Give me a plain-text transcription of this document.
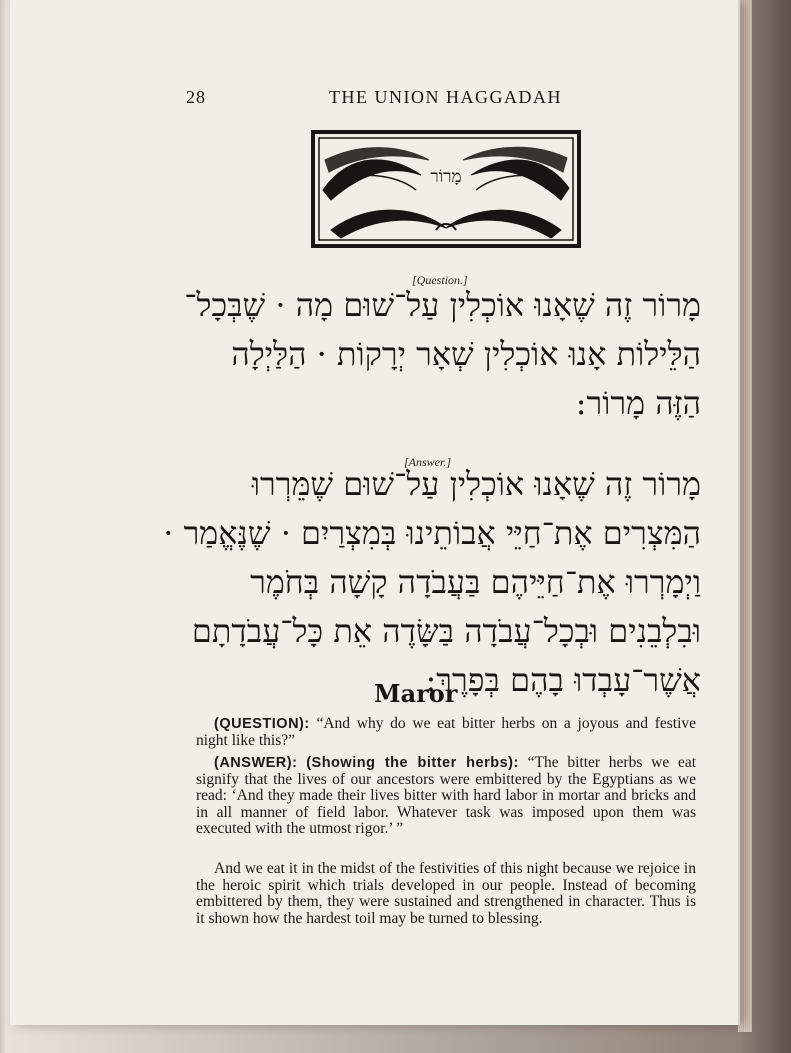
28	THE UNION HAGGADAH
מָרוֹר
[Question.]
מָרוֹר זֶה שֶׁאָנוּ אוֹכְלִין עַל־שׁוּם מָה · שֶׁבְּכָל־
הַלֵּילוֹת אָנוּ אוֹכְלִין שְׁאָר יְרָקוֹת · הַלַּיְלָה
הַזֶּה מָרוֹר:
[Answer.]
מָרוֹר זֶה שֶׁאָנוּ אוֹכְלִין עַל־שׁוּם שֶׁמֵּרְרוּ
הַמִּצְרִים אֶת־חַיֵּי אֲבוֹתֵינוּ בְּמִצְרַיִם · שֶׁנֶּאֱמַר ·
וַיְמָרְרוּ אֶת־חַיֵּיהֶם בַּעֲבֹדָה קָשָׁה בְּחֹמֶר
וּבִלְבֵנִים וּבְכָל־עֲבֹדָה בַּשָּׂדֶה אֵת כָּל־עֲבֹדָתָם
אֲשֶׁר־עָבְדוּ בָהֶם בְּפָרֶךְ:
Maror
(QUESTION): “And why do we eat bitter herbs on a joyous and festive night like this?”
(ANSWER): (Showing the bitter herbs): “The bitter herbs we eat signify that the lives of our ancestors were embittered by the Egyptians as we read: ‘And they made their lives bitter with hard labor in mortar and bricks and in all manner of field labor. Whatever task was imposed upon them was executed with the utmost rigor.’ ”
And we eat it in the midst of the festivities of this night because we rejoice in the heroic spirit which trials developed in our people. Instead of becoming embittered by them, they were sustained and strengthened in character. Thus is it shown how the hardest toil may be turned to blessing.
